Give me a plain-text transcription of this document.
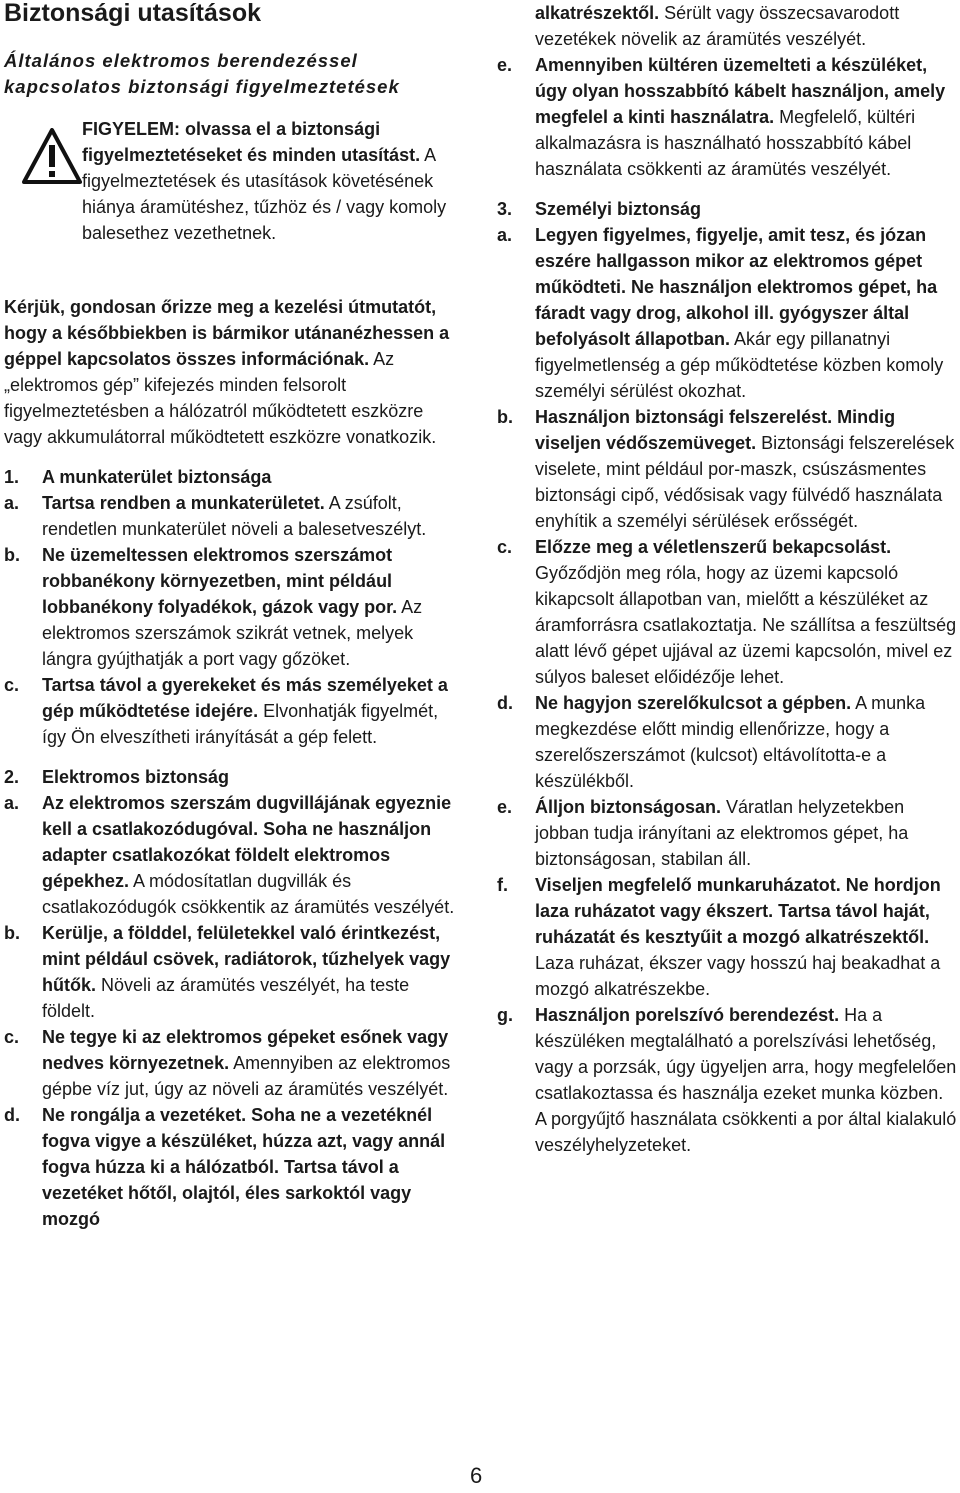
Biztonsági utasítások
Általános elektromos berendezéssel kapcsolatos biztonsági figyelmeztetések

FIGYELEM: olvassa el a biztonsági figyelmeztetéseket és minden utasítást. A figyelmeztetések és utasítások követésének hiánya áramütéshez, tűzhöz és / vagy komoly balesethez vezethetnek.

Kérjük, gondosan őrizze meg a kezelési útmutatót, hogy a későbbiekben is bármikor utánanézhessen a géppel kapcsolatos összes információnak. Az „elektromos gép” kifejezés minden felsorolt figyelmeztetésben a hálózatról működtetett eszközre vagy akkumulátorral működtetett eszközre vonatkozik.

1.	A munkaterület biztonsága
a.	Tartsa rendben a munkaterületet. A zsúfolt, rendetlen munkaterület növeli a balesetveszélyt.
b.	Ne üzemeltessen elektromos szerszámot robbanékony környezetben, mint például lobbanékony folyadékok, gázok vagy por. Az elektromos szerszámok szikrát vetnek, melyek lángra gyújthatják a port vagy gőzöket.
c.	Tartsa távol a gyerekeket és más személyeket a gép működtetése idejére. Elvonhatják figyelmét, így Ön elveszítheti irányítását a gép felett.
2.	Elektromos biztonság
a.	Az elektromos szerszám dugvillájának egyeznie kell a csatlakozódugóval. Soha ne használjon adapter csatlakozókat földelt elektromos gépekhez. A módosítatlan dugvillák és csatlakozódugók csökkentik az áramütés veszélyét.
b.	Kerülje, a földdel, felületekkel való érintkezést, mint például csövek, radiátorok, tűzhelyek vagy hűtők. Növeli az áramütés veszélyét, ha teste földelt.
c.	Ne tegye ki az elektromos gépeket esőnek vagy nedves környezetnek. Amennyiben az elektromos gépbe víz jut, úgy az növeli az áramütés veszélyét.
d.	Ne rongálja a vezetéket. Soha ne a vezetéknél fogva vigye a készüléket, húzza azt, vagy annál fogva húzza ki a hálózatból. Tartsa távol a vezetéket hőtől, olajtól, éles sarkoktól vagy mozgó
alkatrészektől. Sérült vagy összecsavarodott vezetékek növelik az áramütés veszélyét.
e.	Amennyiben kültéren üzemelteti a készüléket, úgy olyan hosszabbító kábelt használjon, amely megfelel a kinti használatra. Megfelelő, kültéri alkalmazásra is használható hosszabbító kábel használata csökkenti az áramütés veszélyét.
3.	Személyi biztonság
a.	Legyen figyelmes, figyelje, amit tesz, és józan eszére hallgasson mikor az elektromos gépet működteti. Ne használjon elektromos gépet, ha fáradt vagy drog, alkohol ill. gyógyszer által befolyásolt állapotban. Akár egy pillanatnyi figyelmetlenség a gép működtetése közben komoly személyi sérülést okozhat.
b.	Használjon biztonsági felszerelést. Mindig viseljen védőszemüveget. Biztonsági felszerelések viselete, mint például por-maszk, csúszásmentes biztonsági cipő, védősisak vagy fülvédő használata enyhítik a személyi sérülések erősségét.
c.	Előzze meg a véletlenszerű bekapcsolást. Győződjön meg róla, hogy az üzemi kapcsoló kikapcsolt állapotban van, mielőtt a készüléket az áramforrásra csatlakoztatja. Ne szállítsa a feszültség alatt lévő gépet ujjával az üzemi kapcsolón, mivel ez súlyos baleset előidézője lehet.
d.	Ne hagyjon szerelőkulcsot a gépben. A munka megkezdése előtt mindig ellenőrizze, hogy a szerelőszerszámot (kulcsot) eltávolította-e a készülékből.
e.	Álljon biztonságosan. Váratlan helyzetekben jobban tudja irányítani az elektromos gépet, ha biztonságosan, stabilan áll.
f.	Viseljen megfelelő munkaruházatot. Ne hordjon laza ruházatot vagy ékszert. Tartsa távol haját, ruházatát és kesztyűit a mozgó alkatrészektől. Laza ruházat, ékszer vagy hosszú haj beakadhat a mozgó alkatrészekbe.
g.	Használjon porelszívó berendezést. Ha a készüléken megtalálható a porelszívási lehetőség, vagy a porzsák, úgy ügyeljen arra, hogy megfelelően csatlakoztassa és használja ezeket munka közben. A porgyűjtő használata csökkenti a por által kialakuló veszélyhelyzeteket.
6
